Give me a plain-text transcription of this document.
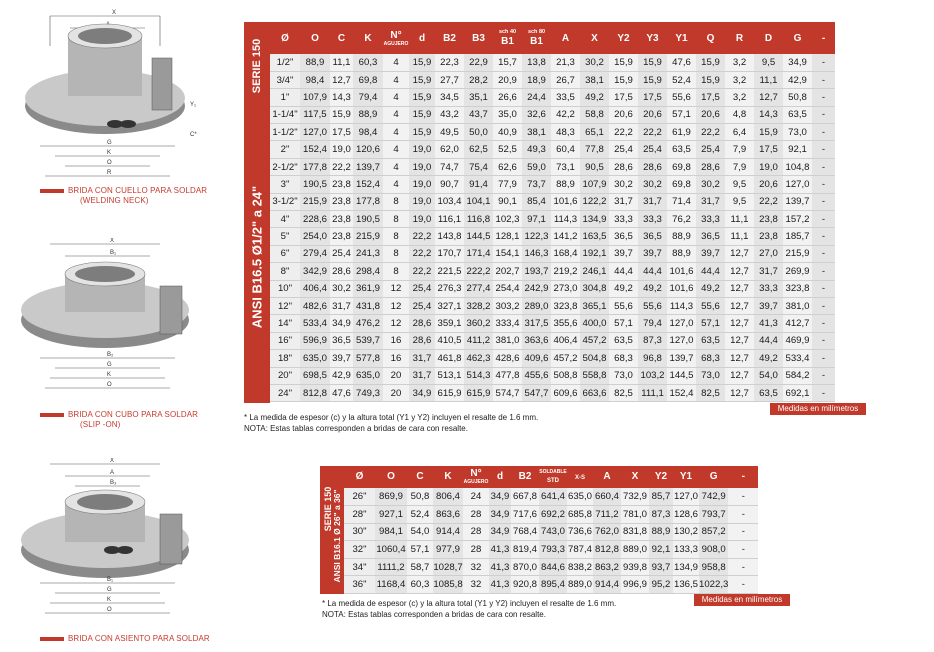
X
G
K
O
R
Y₁
C*
BRIDA CON CUELLO PARA SOLDAR
(WELDING NECK)
X
B₁
B₂
G
K
O
BRIDA CON CUBO PARA SOLDAR
(SLIP -ON)
X
A
B₃
B₁
G
K
O
BRIDA CON ASIENTO PARA SOLDAR
SERIE 150
ANSI B16.5 Ø1/2" a 24"
Ø	O	C	K	N°
AGUJERO	d	B2	B3	sch 40
B1	sch 80
B1	A	X	Y2	Y3	Y1	Q	R	D	G	-
1/2"	88,9	11,1	60,3	4	15,9	22,3	22,9	15,7	13,8	21,3	30,2	15,9	15,9	47,6	15,9	3,2	9,5	34,9	-
3/4"	98,4	12,7	69,8	4	15,9	27,7	28,2	20,9	18,9	26,7	38,1	15,9	15,9	52,4	15,9	3,2	11,1	42,9	-
1"	107,9	14,3	79,4	4	15,9	34,5	35,1	26,6	24,4	33,5	49,2	17,5	17,5	55,6	17,5	3,2	12,7	50,8	-
1-1/4"	117,5	15,9	88,9	4	15,9	43,2	43,7	35,0	32,6	42,2	58,8	20,6	20,6	57,1	20,6	4,8	14,3	63,5	-
1-1/2"	127,0	17,5	98,4	4	15,9	49,5	50,0	40,9	38,1	48,3	65,1	22,2	22,2	61,9	22,2	6,4	15,9	73,0	-
2"	152,4	19,0	120,6	4	19,0	62,0	62,5	52,5	49,3	60,4	77,8	25,4	25,4	63,5	25,4	7,9	17,5	92,1	-
2-1/2"	177,8	22,2	139,7	4	19,0	74,7	75,4	62,6	59,0	73,1	90,5	28,6	28,6	69,8	28,6	7,9	19,0	104,8	-
3"	190,5	23,8	152,4	4	19,0	90,7	91,4	77,9	73,7	88,9	107,9	30,2	30,2	69,8	30,2	9,5	20,6	127,0	-
3-1/2"	215,9	23,8	177,8	8	19,0	103,4	104,1	90,1	85,4	101,6	122,2	31,7	31,7	71,4	31,7	9,5	22,2	139,7	-
4"	228,6	23,8	190,5	8	19,0	116,1	116,8	102,3	97,1	114,3	134,9	33,3	33,3	76,2	33,3	11,1	23,8	157,2	-
5"	254,0	23,8	215,9	8	22,2	143,8	144,5	128,1	122,3	141,2	163,5	36,5	36,5	88,9	36,5	11,1	23,8	185,7	-
6"	279,4	25,4	241,3	8	22,2	170,7	171,4	154,1	146,3	168,4	192,1	39,7	39,7	88,9	39,7	12,7	27,0	215,9	-
8"	342,9	28,6	298,4	8	22,2	221,5	222,2	202,7	193,7	219,2	246,1	44,4	44,4	101,6	44,4	12,7	31,7	269,9	-
10"	406,4	30,2	361,9	12	25,4	276,3	277,4	254,4	242,9	273,0	304,8	49,2	49,2	101,6	49,2	12,7	33,3	323,8	-
12"	482,6	31,7	431,8	12	25,4	327,1	328,2	303,2	289,0	323,8	365,1	55,6	55,6	114,3	55,6	12,7	39,7	381,0	-
14"	533,4	34,9	476,2	12	28,6	359,1	360,2	333,4	317,5	355,6	400,0	57,1	79,4	127,0	57,1	12,7	41,3	412,7	-
16"	596,9	36,5	539,7	16	28,6	410,5	411,2	381,0	363,6	406,4	457,2	63,5	87,3	127,0	63,5	12,7	44,4	469,9	-
18"	635,0	39,7	577,8	16	31,7	461,8	462,3	428,6	409,6	457,2	504,8	68,3	96,8	139,7	68,3	12,7	49,2	533,4	-
20"	698,5	42,9	635,0	20	31,7	513,1	514,3	477,8	455,6	508,8	558,8	73,0	103,2	144,5	73,0	12,7	54,0	584,2	-
24"	812,8	47,6	749,3	20	34,9	615,9	615,9	574,7	547,7	609,6	663,6	82,5	111,1	152,4	82,5	12,7	63,5	692,1	-
Medidas en milímetros
* La medida de espesor (c) y la altura total (Y1 y Y2) incluyen el resalte de 1.6 mm.
NOTA: Estas tablas corresponden a bridas de cara con resalte.
SERIE 150 ANSI B16.1 Ø 26" a 36"
Ø	O	C	K	N°
AGUJERO	d	B2	SOLDABLE
STD	X-S	A	X	Y2	Y1	G	-
26"	869,9	50,8	806,4	24	34,9	667,8	641,4	635,0	660,4	732,9	85,7	127,0	742,9	-
28"	927,1	52,4	863,6	28	34,9	717,6	692,2	685,8	711,2	781,0	87,3	128,6	793,7	-
30"	984,1	54,0	914,4	28	34,9	768,4	743,0	736,6	762,0	831,8	88,9	130,2	857,2	-
32"	1060,4	57,1	977,9	28	41,3	819,4	793,3	787,4	812,8	889,0	92,1	133,3	908,0	-
34"	1111,2	58,7	1028,7	32	41,3	870,0	844,6	838,2	863,2	939,8	93,7	134,9	958,8	-
36"	1168,4	60,3	1085,8	32	41,3	920,8	895,4	889,0	914,4	996,9	95,2	136,5	1022,3	-
Medidas en milímetros
* La medida de espesor (c) y la altura total (Y1 y Y2) incluyen el resalte de 1.6 mm.
NOTA: Estas tablas corresponden a bridas de cara con resalte.
